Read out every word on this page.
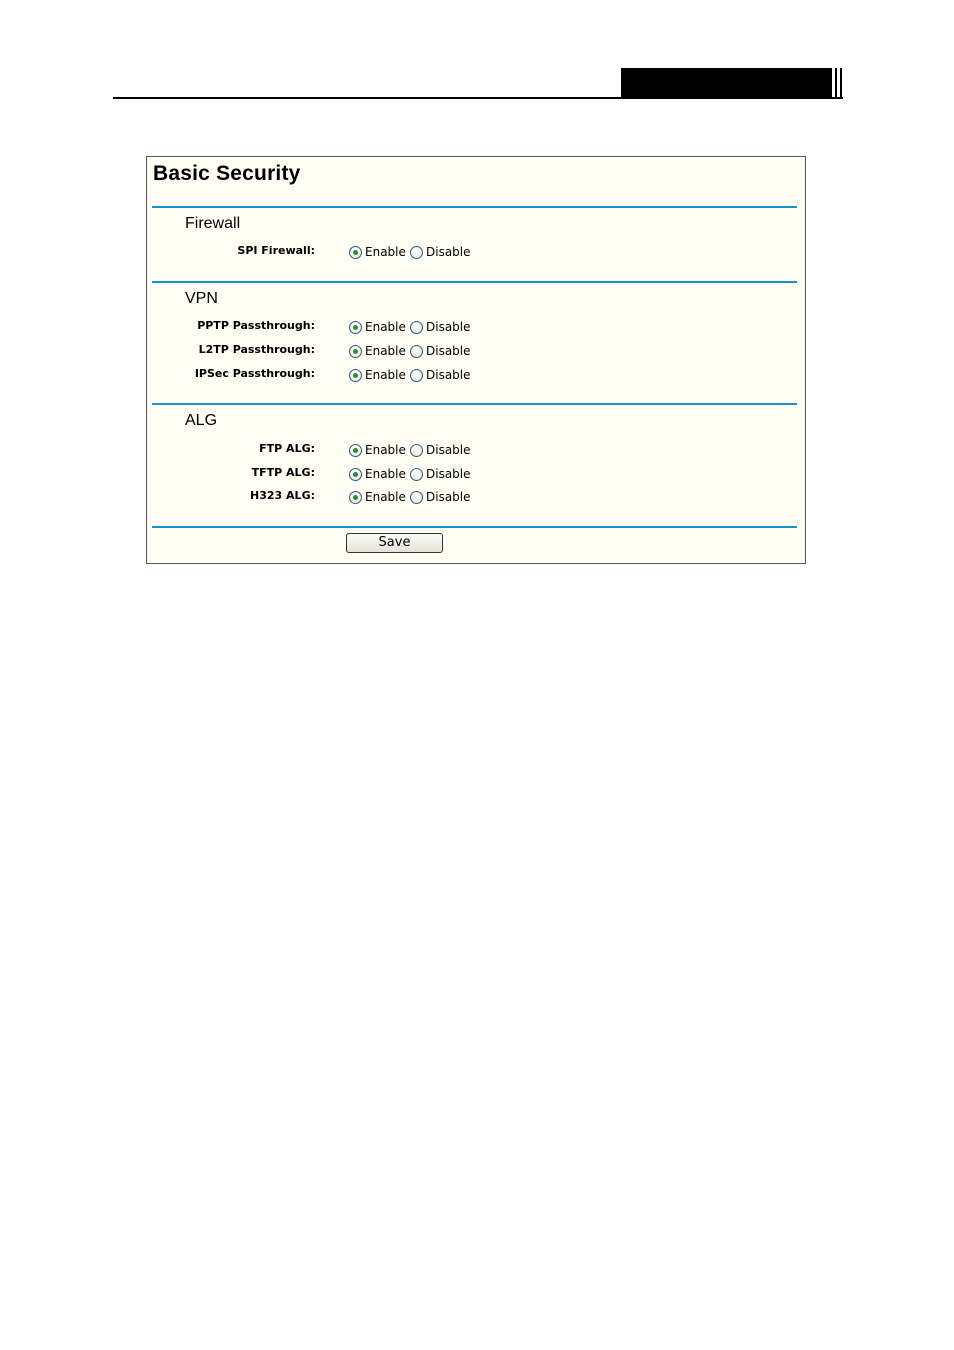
Basic Security
Firewall
SPI Firewall:	Enable Disable
VPN
PPTP Passthrough:	Enable Disable
L2TP Passthrough:	Enable Disable
IPSec Passthrough:	Enable Disable
ALG
FTP ALG:	Enable Disable
TFTP ALG:	Enable Disable
H323 ALG:	Enable Disable
Save
